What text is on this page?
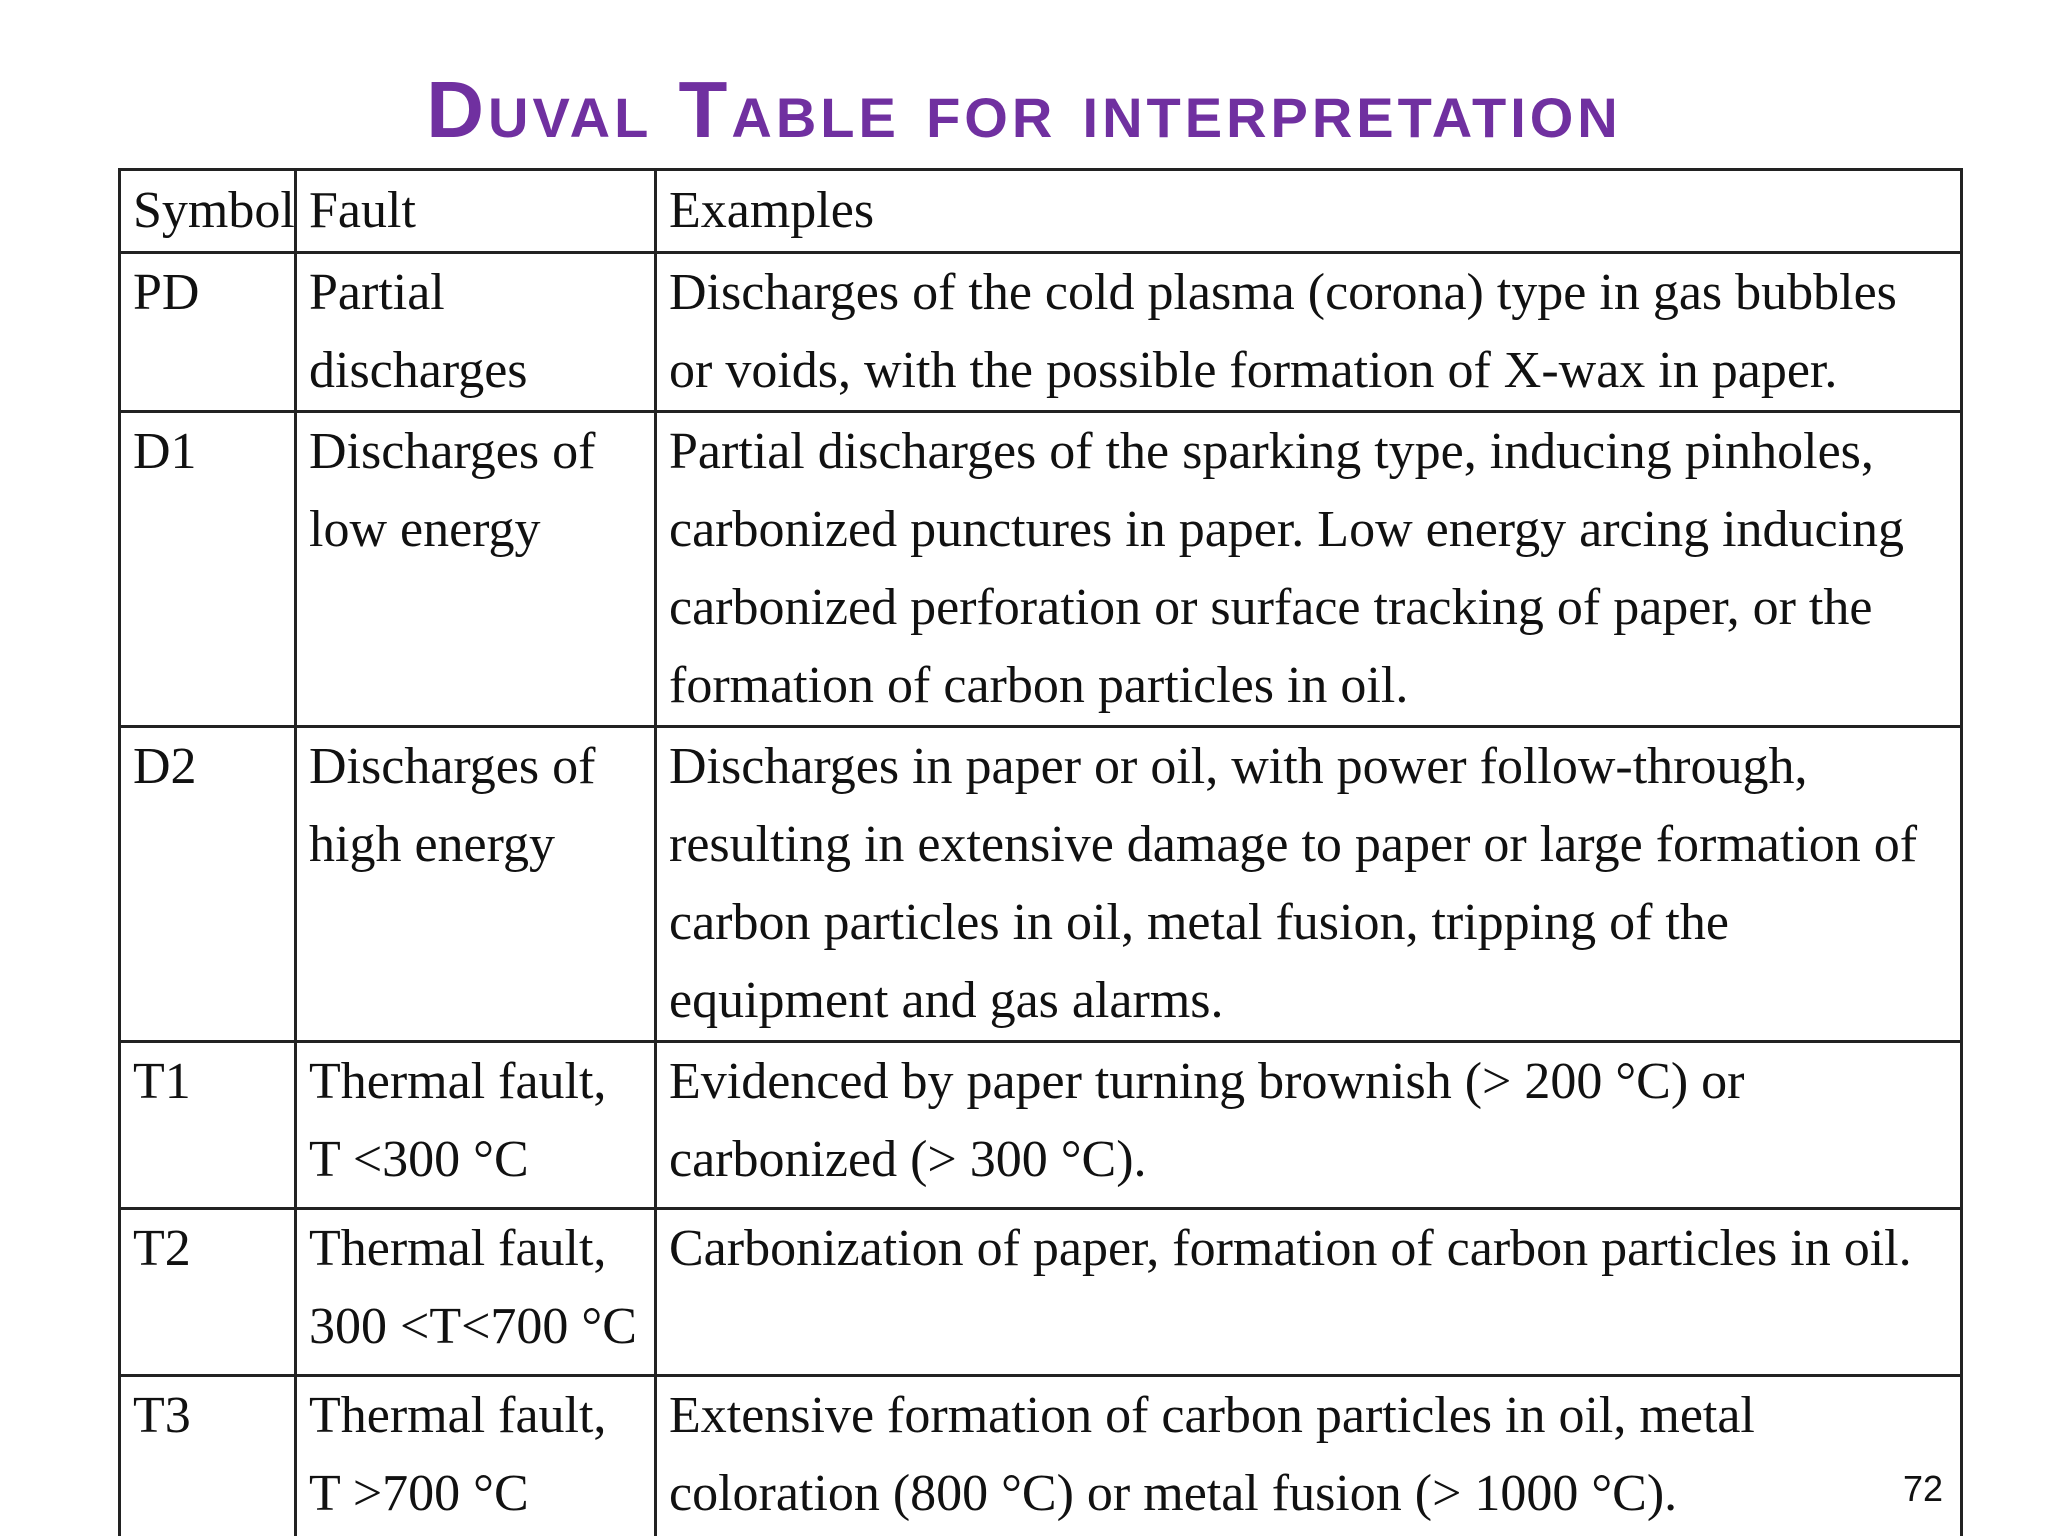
Duval Table for interpretation
Symbol	Fault	Examples
PD	Partial discharges	Discharges of the cold plasma (corona) type in gas bubbles or voids, with the possible formation of X-wax in paper.
D1	Discharges of low energy	Partial discharges of the sparking type, inducing pinholes, carbonized punctures in paper. Low energy arcing inducing carbonized perforation or surface tracking of paper, or the formation of carbon particles in oil.
D2	Discharges of high energy	Discharges in paper or oil, with power follow-through, resulting in extensive damage to paper or large formation of carbon particles in oil, metal fusion, tripping of the equipment and gas alarms.
T1	Thermal fault, T <300 °C	Evidenced by paper turning brownish (> 200 °C) or carbonized (> 300 °C).
T2	Thermal fault, 300 <T<700 °C	Carbonization of paper, formation of carbon particles in oil.
T3	Thermal fault, T >700 °C	Extensive formation of carbon particles in oil, metal coloration (800 °C) or metal fusion (> 1000 °C).	72
